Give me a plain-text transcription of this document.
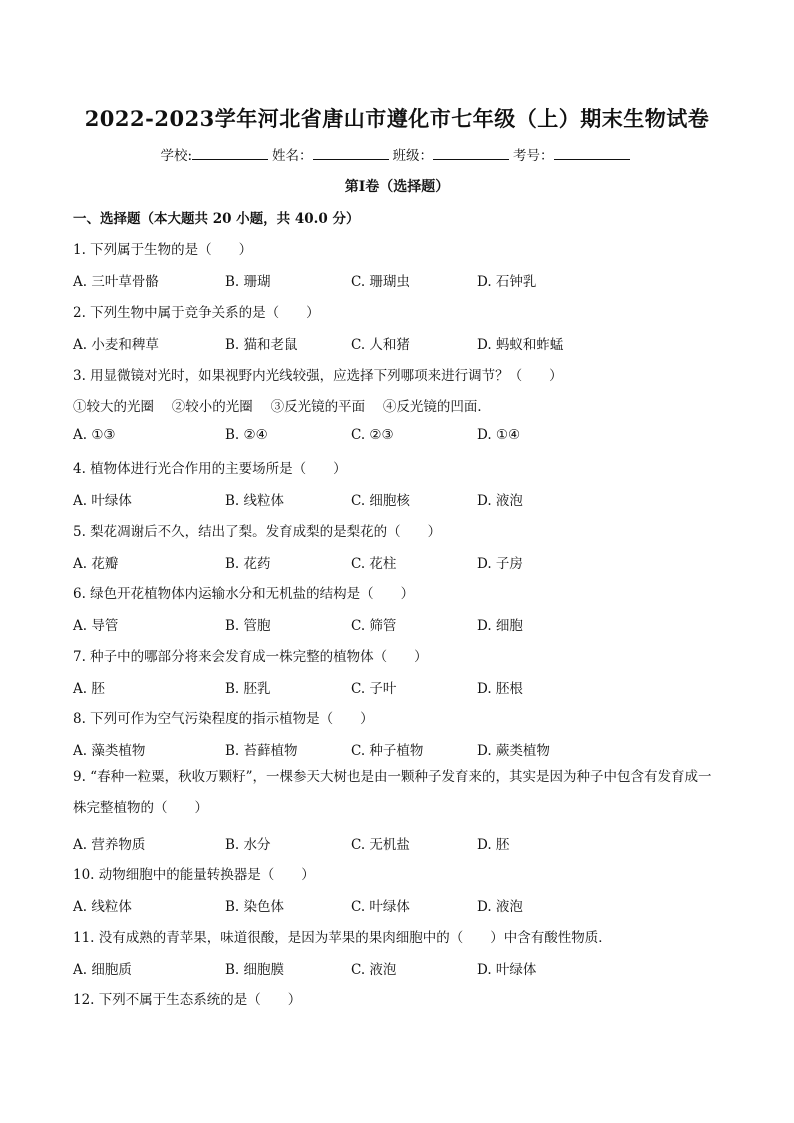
2022-2023学年河北省唐山市遵化市七年级（上）期末生物试卷
学校:	姓名：	班级：	考号：
第I卷（选择题）
一、选择题（本大题共 20 小题，共 40.0 分）
1. 下列属于生物的是（　　）
A. 三叶草骨骼	B. 珊瑚	C. 珊瑚虫	D. 石钟乳
2. 下列生物中属于竞争关系的是（　　）
A. 小麦和稗草	B. 猫和老鼠	C. 人和猪	D. 蚂蚁和蚱蜢
3. 用显微镜对光时，如果视野内光线较强，应选择下列哪项来进行调节？（　　）
①较大的光圈　 ②较小的光圈　 ③反光镜的平面　 ④反光镜的凹面．
A. ①③	B. ②④	C. ②③	D. ①④
4. 植物体进行光合作用的主要场所是（　　）
A. 叶绿体	B. 线粒体	C. 细胞核	D. 液泡
5. 梨花凋谢后不久，结出了梨。发育成梨的是梨花的（　　）
A. 花瓣	B. 花药	C. 花柱	D. 子房
6. 绿色开花植物体内运输水分和无机盐的结构是（　　）
A. 导管	B. 管胞	C. 筛管	D. 细胞
7. 种子中的哪部分将来会发育成一株完整的植物体（　　）
A. 胚	B. 胚乳	C. 子叶	D. 胚根
8. 下列可作为空气污染程度的指示植物是（　　）
A. 藻类植物	B. 苔藓植物	C. 种子植物	D. 蕨类植物
9. “春种一粒粟，秋收万颗籽”，一棵参天大树也是由一颗种子发育来的，其实是因为种子中包含有发育成一株完整植物的（　　）
A. 营养物质	B. 水分	C. 无机盐	D. 胚
10. 动物细胞中的能量转换器是（　　）
A. 线粒体	B. 染色体	C. 叶绿体	D. 液泡
11. 没有成熟的青苹果，味道很酸，是因为苹果的果肉细胞中的（　　）中含有酸性物质．
A. 细胞质	B. 细胞膜	C. 液泡	D. 叶绿体
12. 下列不属于生态系统的是（　　）
